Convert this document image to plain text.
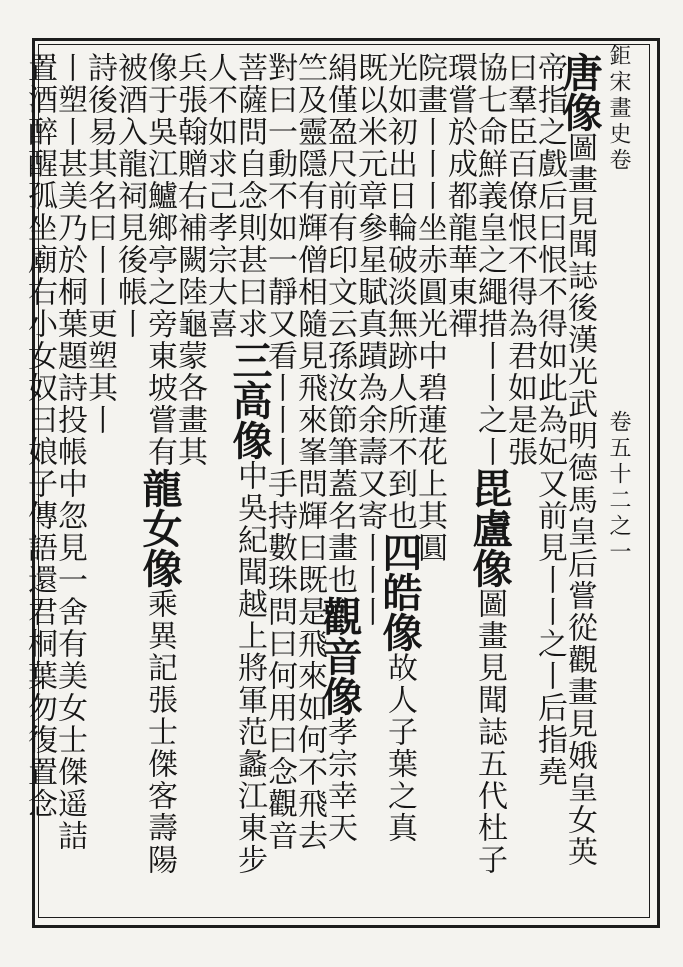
鉅宋畫史卷
卷五十二之一
唐像圖畫見聞誌後漢光武明德馬皇后嘗從觀畫見娥皇女英
帝指之戲后曰恨不得如此為妃又前見丨丨之丨后指堯
曰羣臣百僚恨不得為君如是張
協七命鮮義皇之繩措丨丨之丨毘盧像圖畫見聞誌五代杜子
環嘗於成都龍華東禪
院畫丨丨丨坐赤圓光中碧蓮花上其圓
光如初出日輪破淡無跡人所不到也四皓像故人子葉之真
既以米元章參星賦真蹟為余壽又寄丨丨丨
絹僅盈尺前有印文云孫汝節筆蓋名畫也觀音像孝宗幸天
竺及靈隱有輝僧相隨見飛來峯問輝曰既是飛來如何不飛去
對曰一動不如一靜又看丨丨丨手持數珠問曰何用曰念觀音
菩薩問自念則甚曰求三高像中吳紀聞越上將軍范蠡江東步
人不如求己孝宗大喜
兵張翰贈右補闕陸龜蒙各畫其
像于吳江鱸鄉亭之旁東坡嘗有龍女像乘異記張士傑客壽陽
被酒入龍祠見後帳丨
詩後易其名曰丨丨更塑其丨
丨塑丨甚美乃於桐葉題詩投帳中忽見一舍有美女士傑遥詰
置酒醉醒孤坐廟右小女奴曰娘子傳語還君桐葉勿復置念
